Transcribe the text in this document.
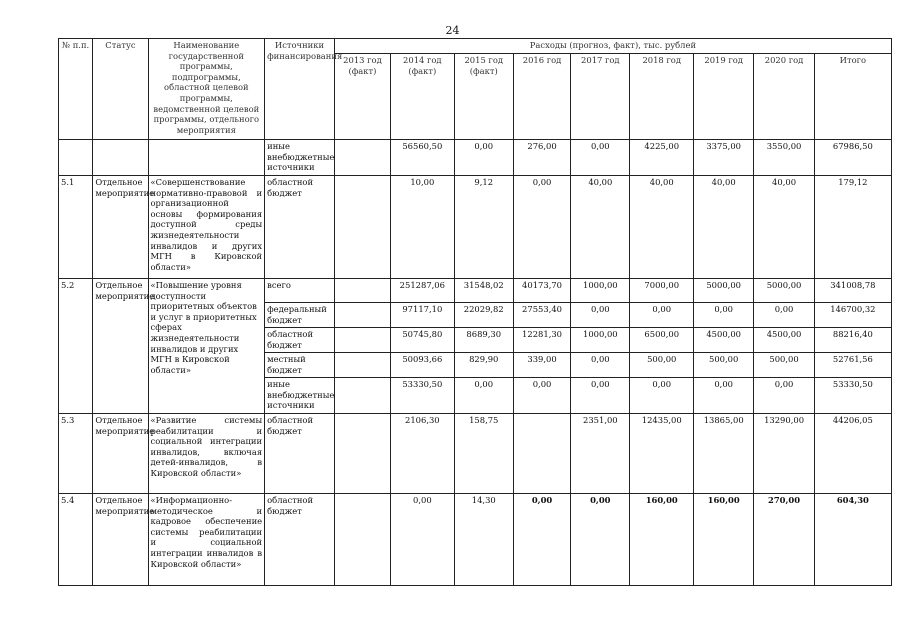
24
№ п.п.	Статус	Наименование государственной программы, подпрограммы, областной целевой программы, ведомственной целевой программы, отдельного мероприятия	Источники финансирования	Расходы (прогноз, факт), тыс. рублей								
				2013 год (факт)	2014 год (факт)	2015 год (факт)	2016 год	2017 год	2018 год	2019 год	2020 год	Итого
			иные внебюджетные источники		56560,50	0,00	276,00	0,00	4225,00	3375,00	3550,00	67986,50
5.1	Отдельное мероприятие	«Совершенствование нормативно-правовой и организационной основы формирования доступной среды жизнедеятельности инвалидов и других МГН в Кировской области»	областной бюджет		10,00	9,12	0,00	40,00	40,00	40,00	40,00	179,12
5.2	Отдельное мероприятие	«Повышение уровня доступности приоритетных объектов и услуг в приоритетных сферах жизнедеятельности инвалидов и других МГН в Кировской области»	всего		251287,06	31548,02	40173,70	1000,00	7000,00	5000,00	5000,00	341008,78
			федеральный бюджет		97117,10	22029,82	27553,40	0,00	0,00	0,00	0,00	146700,32
			областной бюджет		50745,80	8689,30	12281,30	1000,00	6500,00	4500,00	4500,00	88216,40
			местный бюджет		50093,66	829,90	339,00	0,00	500,00	500,00	500,00	52761,56
			иные внебюджетные источники		53330,50	0,00	0,00	0,00	0,00	0,00	0,00	53330,50
5.3	Отдельное мероприятие	«Развитие системы реабилитации и социальной интеграции инвалидов, включая детей-инвалидов, в Кировской области»	областной бюджет		2106,30	158,75		2351,00	12435,00	13865,00	13290,00	44206,05
5.4	Отдельное мероприятие	«Информационно-методическое и кадровое обеспечение системы реабилитации и социальной интеграции инвалидов в Кировской области»	областной бюджет		0,00	14,30	0,00	0,00	160,00	160,00	270,00	604,30
